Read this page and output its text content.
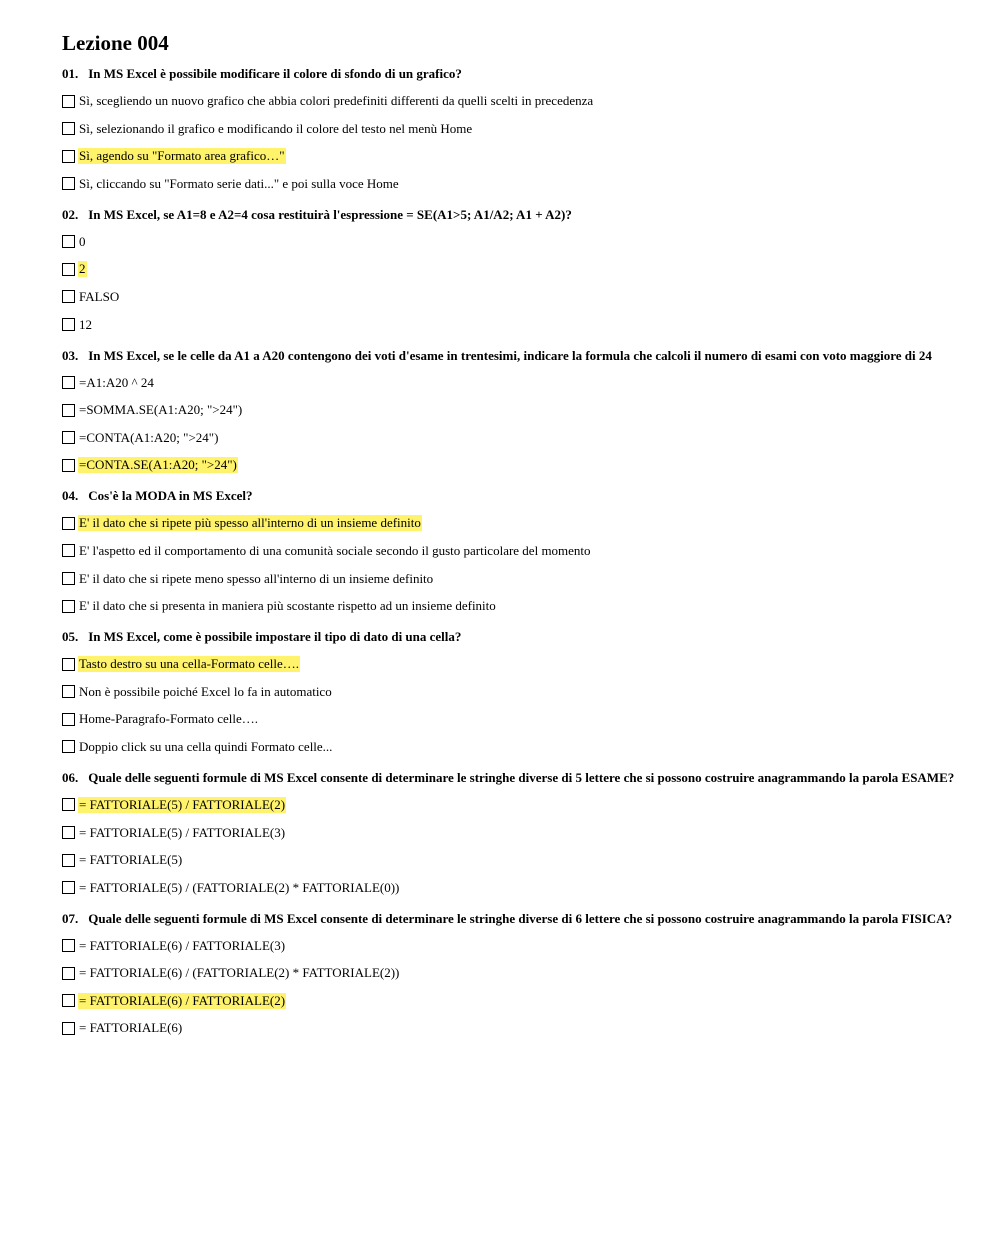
Lezione 004
01. In MS Excel è possibile modificare il colore di sfondo di un grafico?
Sì, scegliendo un nuovo grafico che abbia colori predefiniti differenti da quelli scelti in precedenza
Sì, selezionando il grafico e modificando il colore del testo nel menù Home
Sì, agendo su "Formato area grafico…"
Sì, cliccando su "Formato serie dati..." e poi sulla voce Home
02. In MS Excel, se A1=8 e A2=4 cosa restituirà l'espressione = SE(A1>5; A1/A2; A1 + A2)?
0
2
FALSO
12
03. In MS Excel, se le celle da A1 a A20 contengono dei voti d'esame in trentesimi, indicare la formula che calcoli il numero di esami con voto maggiore di 24
=A1:A20 ^ 24
=SOMMA.SE(A1:A20; ">24")
=CONTA(A1:A20; ">24")
=CONTA.SE(A1:A20; ">24")
04. Cos'è la MODA in MS Excel?
E' il dato che si ripete più spesso all'interno di un insieme definito
E' l'aspetto ed il comportamento di una comunità sociale secondo il gusto particolare del momento
E' il dato che si ripete meno spesso all'interno di un insieme definito
E' il dato che si presenta in maniera più scostante rispetto ad un insieme definito
05. In MS Excel, come è possibile impostare il tipo di dato di una cella?
Tasto destro su una cella-Formato celle….
Non è possibile poiché Excel lo fa in automatico
Home-Paragrafo-Formato celle….
Doppio click su una cella quindi Formato celle...
06. Quale delle seguenti formule di MS Excel consente di determinare le stringhe diverse di 5 lettere che si possono costruire anagrammando la parola ESAME?
= FATTORIALE(5) / FATTORIALE(2)
= FATTORIALE(5) / FATTORIALE(3)
= FATTORIALE(5)
= FATTORIALE(5) / (FATTORIALE(2) * FATTORIALE(0))
07. Quale delle seguenti formule di MS Excel consente di determinare le stringhe diverse di 6 lettere che si possono costruire anagrammando la parola FISICA?
= FATTORIALE(6) / FATTORIALE(3)
= FATTORIALE(6) / (FATTORIALE(2) * FATTORIALE(2))
= FATTORIALE(6) / FATTORIALE(2)
= FATTORIALE(6)
